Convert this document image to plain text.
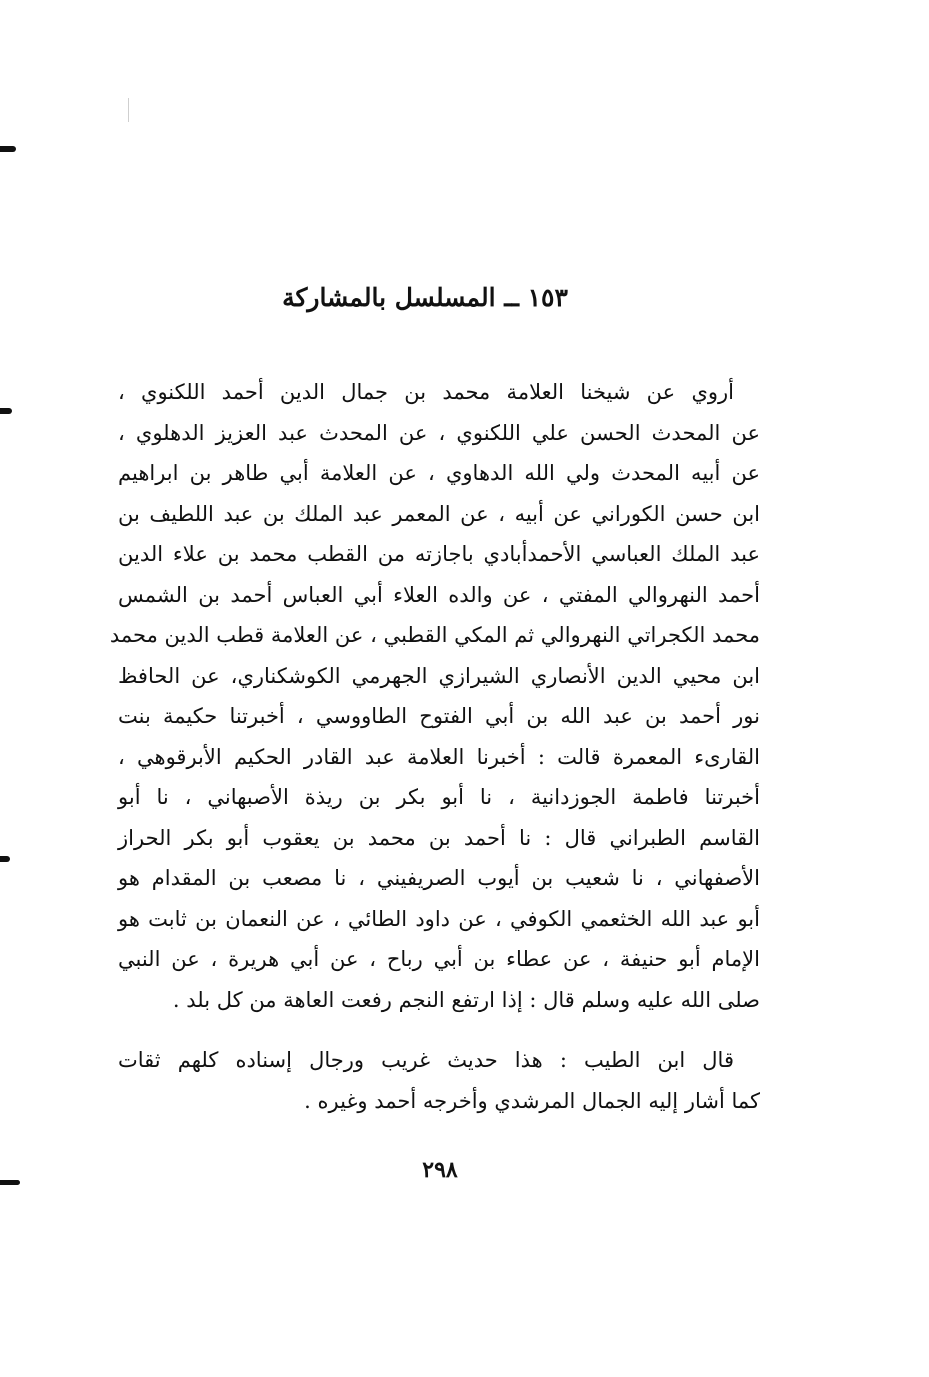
١٥٣ ــ المسلسل بالمشاركة
أروي عن شيخنا العلامة محمد بن جمال الدين أحمد اللكنوي ،
عن المحدث الحسن علي اللكنوي ، عن المحدث عبد العزيز الدهلوي ،
عن أبيه المحدث ولي الله الدهاوي ، عن العلامة أبي طاهر بن ابراهيم
ابن حسن الكوراني عن أبيه ، عن المعمر عبد الملك بن عبد اللطيف بن
عبد الملك العباسي الأحمدأبادي باجازته من القطب محمد بن علاء الدين
أحمد النهروالي المفتي ، عن والده العلاء أبي العباس أحمد بن الشمس
محمد الكجراتي النهروالي ثم المكي القطبي ، عن العلامة قطب الدين محمد
ابن محيي الدين الأنصاري الشيرازي الجهرمي الكوشكناري، عن الحافظ
نور أحمد بن عبد الله بن أبي الفتوح الطاووسي ، أخبرتنا حكيمة بنت
القارىء المعمرة قالت : أخبرنا العلامة عبد القادر الحكيم الأبرقوهي ،
أخبرتنا فاطمة الجوزدانية ، نا أبو بكر بن ريذة الأصبهاني ، نا أبو
القاسم الطبراني قال : نا أحمد بن محمد بن يعقوب أبو بكر الحراز
الأصفهاني ، نا شعيب بن أيوب الصريفيني ، نا مصعب بن المقدام هو
أبو عبد الله الخثعمي الكوفي ، عن داود الطائي ، عن النعمان بن ثابت هو
الإمام أبو حنيفة ، عن عطاء بن أبي رباح ، عن أبي هريرة ، عن النبي
صلى الله عليه وسلم قال : إذا ارتفع النجم رفعت العاهة من كل بلد .
قال ابن الطيب : هذا حديث غريب ورجال إسناده كلهم ثقات
كما أشار إليه الجمال المرشدي وأخرجه أحمد وغيره .
٢٩٨
